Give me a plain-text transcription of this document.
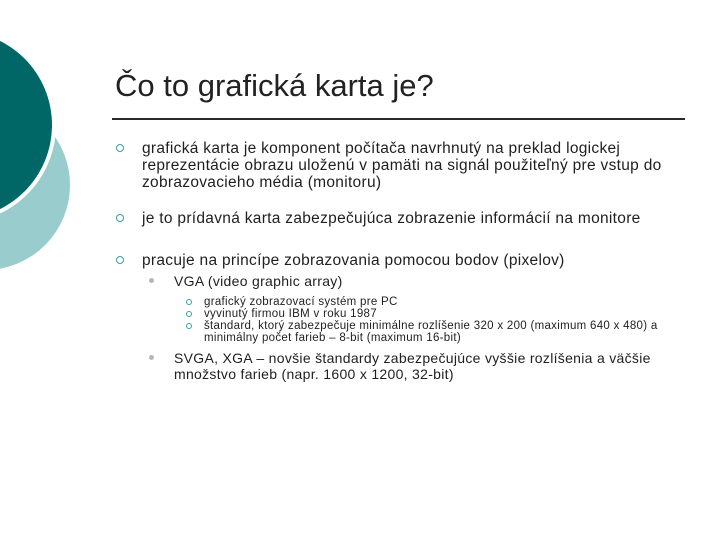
Čo to grafická karta je?
grafická karta je komponent počítača navrhnutý na preklad logickej reprezentácie obrazu uloženú v pamäti na signál použiteľný pre vstup do zobrazovacieho média (monitoru)
je to prídavná karta zabezpečujúca zobrazenie informácií na monitore
pracuje na princípe zobrazovania pomocou bodov (pixelov)
VGA (video graphic array)
grafický zobrazovací systém pre PC
vyvinutý firmou IBM v roku 1987
štandard, ktorý zabezpečuje minimálne rozlíšenie 320 x 200 (maximum 640 x 480) a minimálny počet farieb – 8-bit (maximum 16-bit)
SVGA, XGA – novšie štandardy zabezpečujúce vyššie rozlíšenia a väčšie množstvo farieb (napr. 1600 x 1200, 32-bit)
